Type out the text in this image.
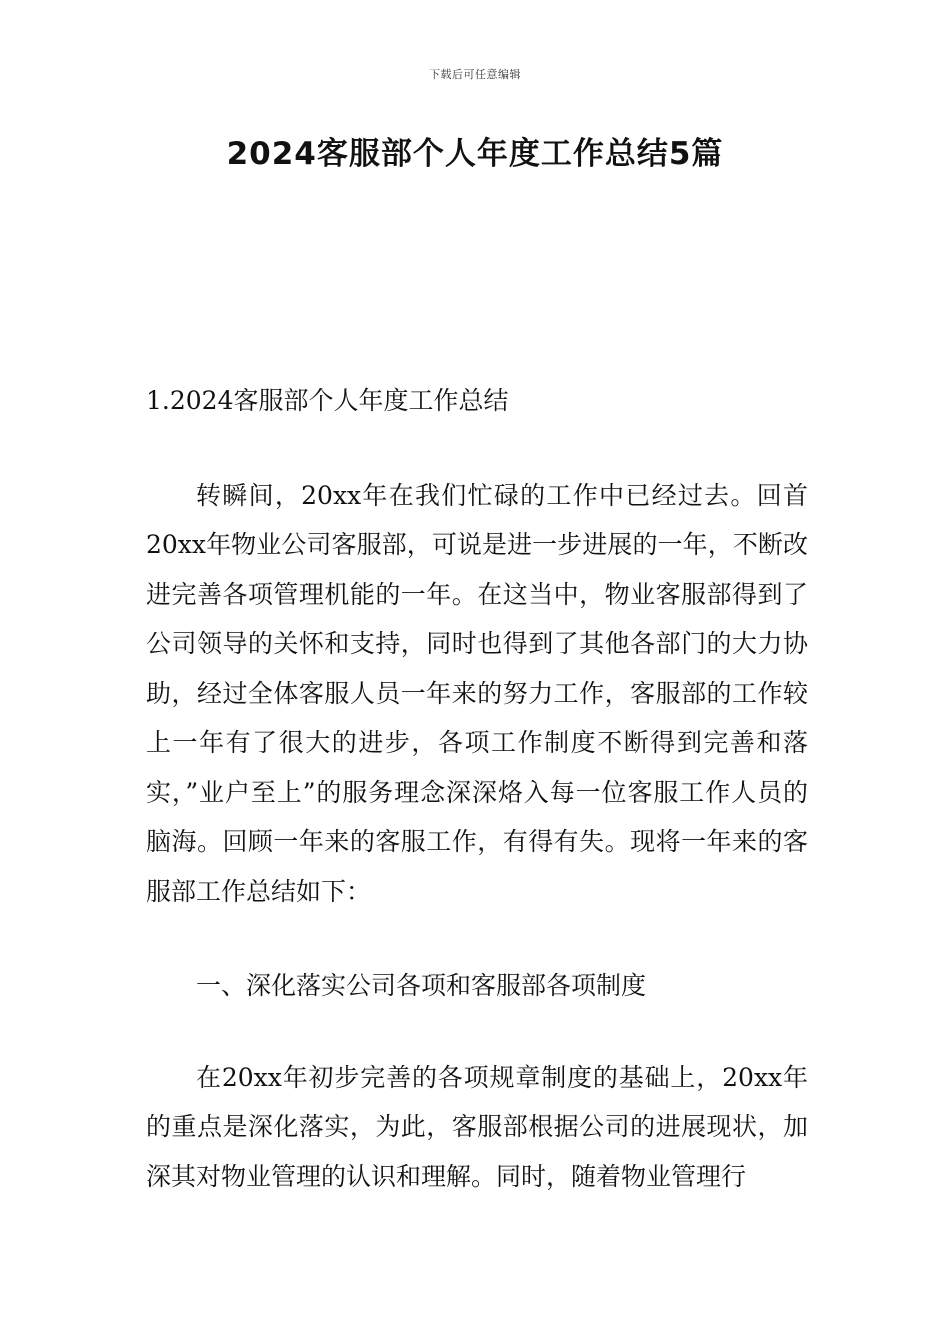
下载后可任意编辑
2024客服部个人年度工作总结5篇

1.2024客服部个人年度工作总结

转瞬间，20xx年在我们忙碌的工作中已经过去。回首20xx年物业公司客服部，可说是进一步进展的一年，不断改进完善各项管理机能的一年。在这当中，物业客服部得到了公司领导的关怀和支持，同时也得到了其他各部门的大力协助，经过全体客服人员一年来的努力工作，客服部的工作较上一年有了很大的进步，各项工作制度不断得到完善和落实，”业户至上”的服务理念深深烙入每一位客服工作人员的脑海。回顾一年来的客服工作，有得有失。现将一年来的客服部工作总结如下：

一、深化落实公司各项和客服部各项制度

在20xx年初步完善的各项规章制度的基础上，20xx年的重点是深化落实，为此，客服部根据公司的进展现状，加深其对物业管理的认识和理解。同时，随着物业管理行
